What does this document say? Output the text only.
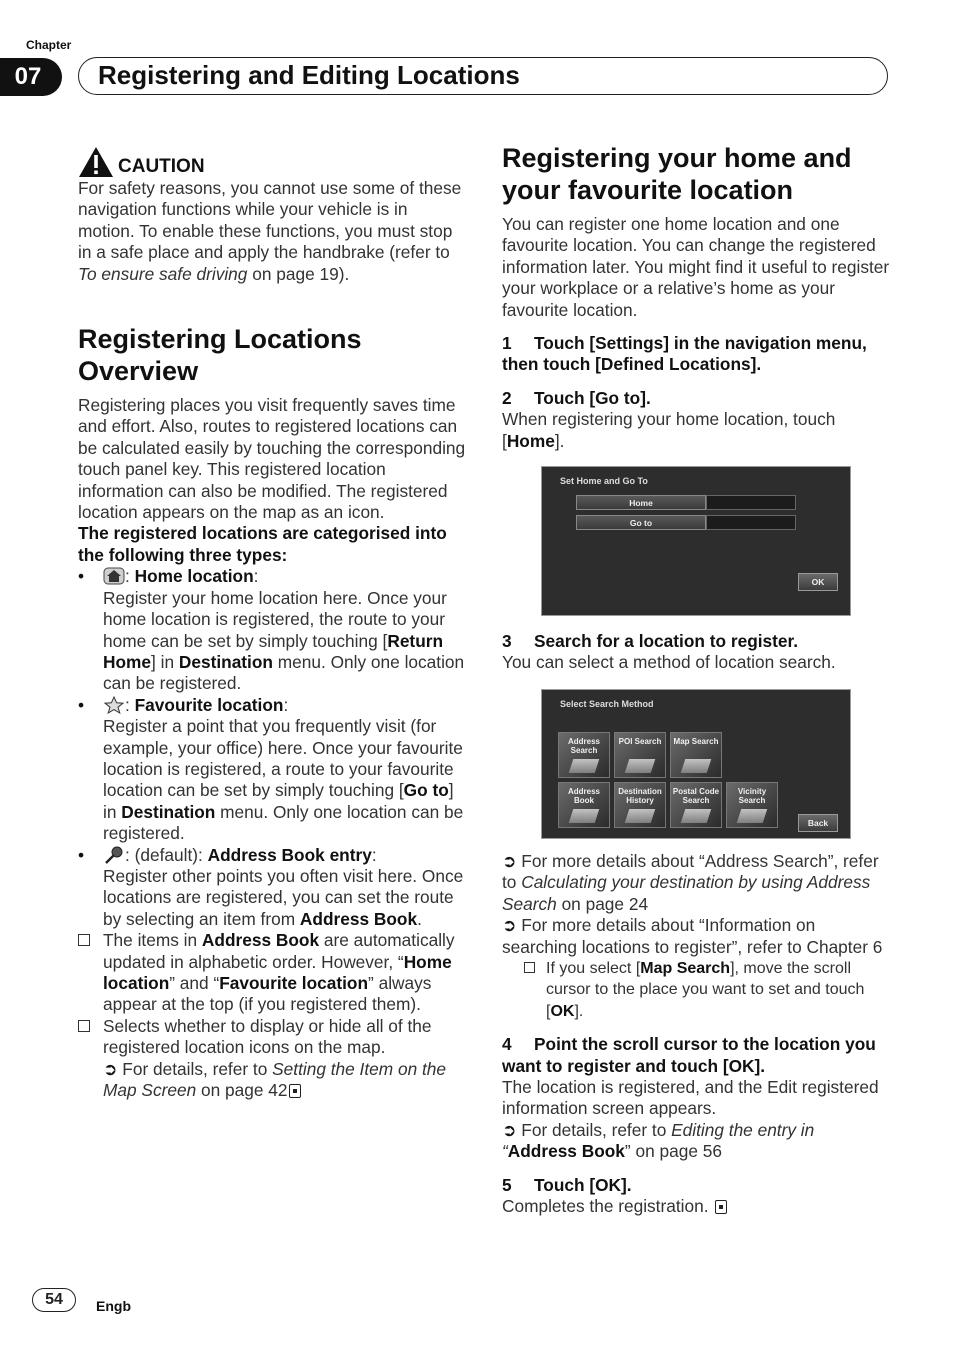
Chapter
07	Registering and Editing Locations
CAUTION

For safety reasons, you cannot use some of these navigation functions while your vehicle is in motion. To enable these functions, you must stop in a safe place and apply the handbrake (refer to To ensure safe driving on page 19).

Registering Locations Overview

Registering places you visit frequently saves time and effort. Also, routes to registered locations can be calculated easily by touching the corresponding touch panel key. This registered location information can also be modified. The registered location appears on the map as an icon.

The registered locations are categorised into the following three types:

• : Home location:
Register your home location here. Once your home location is registered, the route to your home can be set by simply touching [Return Home] in Destination menu. Only one location can be registered.
• : Favourite location:
Register a point that you frequently visit (for example, your office) here. Once your favourite location is registered, a route to your favourite location can be set by simply touching [Go to] in Destination menu. Only one location can be registered.
• : (default): Address Book entry:
Register other points you often visit here. Once locations are registered, you can set the route by selecting an item from Address Book.
The items in Address Book are automatically updated in alphabetic order. However, “Home location” and “Favourite location” always appear at the top (if you registered them).
Selects whether to display or hide all of the registered location icons on the map.
➲ For details, refer to Setting the Item on the Map Screen on page 42
Registering your home and your favourite location

You can register one home location and one favourite location. You can change the registered information later. You might find it useful to register your workplace or a relative’s home as your favourite location.

1 Touch [Settings] in the navigation menu, then touch [Defined Locations].

2 Touch [Go to].

When registering your home location, touch [Home].

Set Home and Go To
Home
Go to
OK

3 Search for a location to register.

You can select a method of location search.

Select Search Method
Address Search
POI Search	Map Search
Address Book
Destination History
Postal Code Search
Vicinity Search
Back

➲ For more details about “Address Search”, refer to Calculating your destination by using Address Search on page 24

➲ For more details about “Information on searching locations to register”, refer to Chapter 6

If you select [Map Search], move the scroll cursor to the place you want to set and touch [OK].

4 Point the scroll cursor to the location you want to register and touch [OK].

The location is registered, and the Edit registered information screen appears.

➲ For details, refer to Editing the entry in “Address Book” on page 56

5 Touch [OK].

Completes the registration.

54	Engb
